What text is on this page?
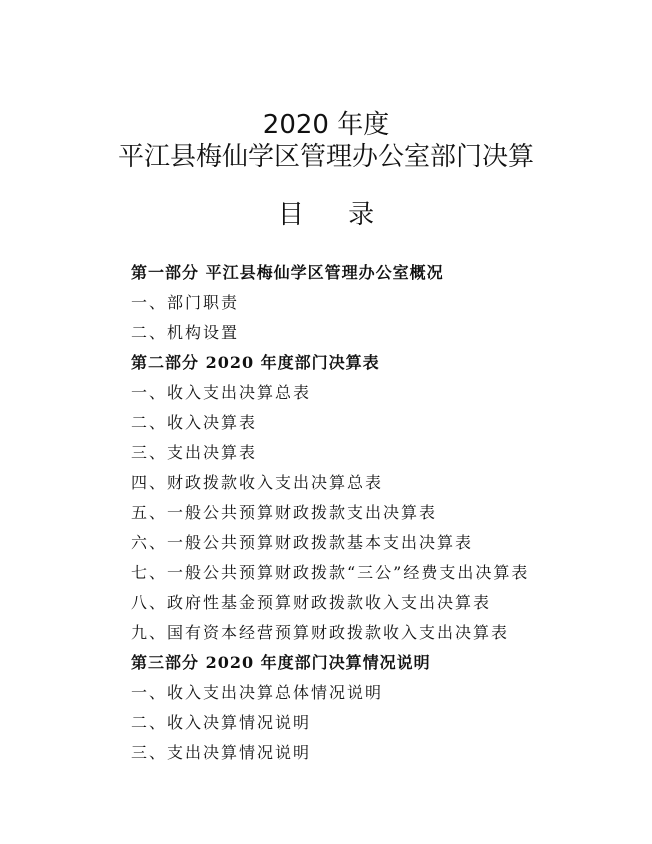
2020 年度
平江县梅仙学区管理办公室部门决算
目 录
第一部分 平江县梅仙学区管理办公室概况
一、部门职责
二、机构设置
第二部分 2020 年度部门决算表
一、收入支出决算总表
二、收入决算表
三、支出决算表
四、财政拨款收入支出决算总表
五、一般公共预算财政拨款支出决算表
六、一般公共预算财政拨款基本支出决算表
七、一般公共预算财政拨款“三公”经费支出决算表
八、政府性基金预算财政拨款收入支出决算表
九、国有资本经营预算财政拨款收入支出决算表
第三部分 2020 年度部门决算情况说明
一、收入支出决算总体情况说明
二、收入决算情况说明
三、支出决算情况说明
